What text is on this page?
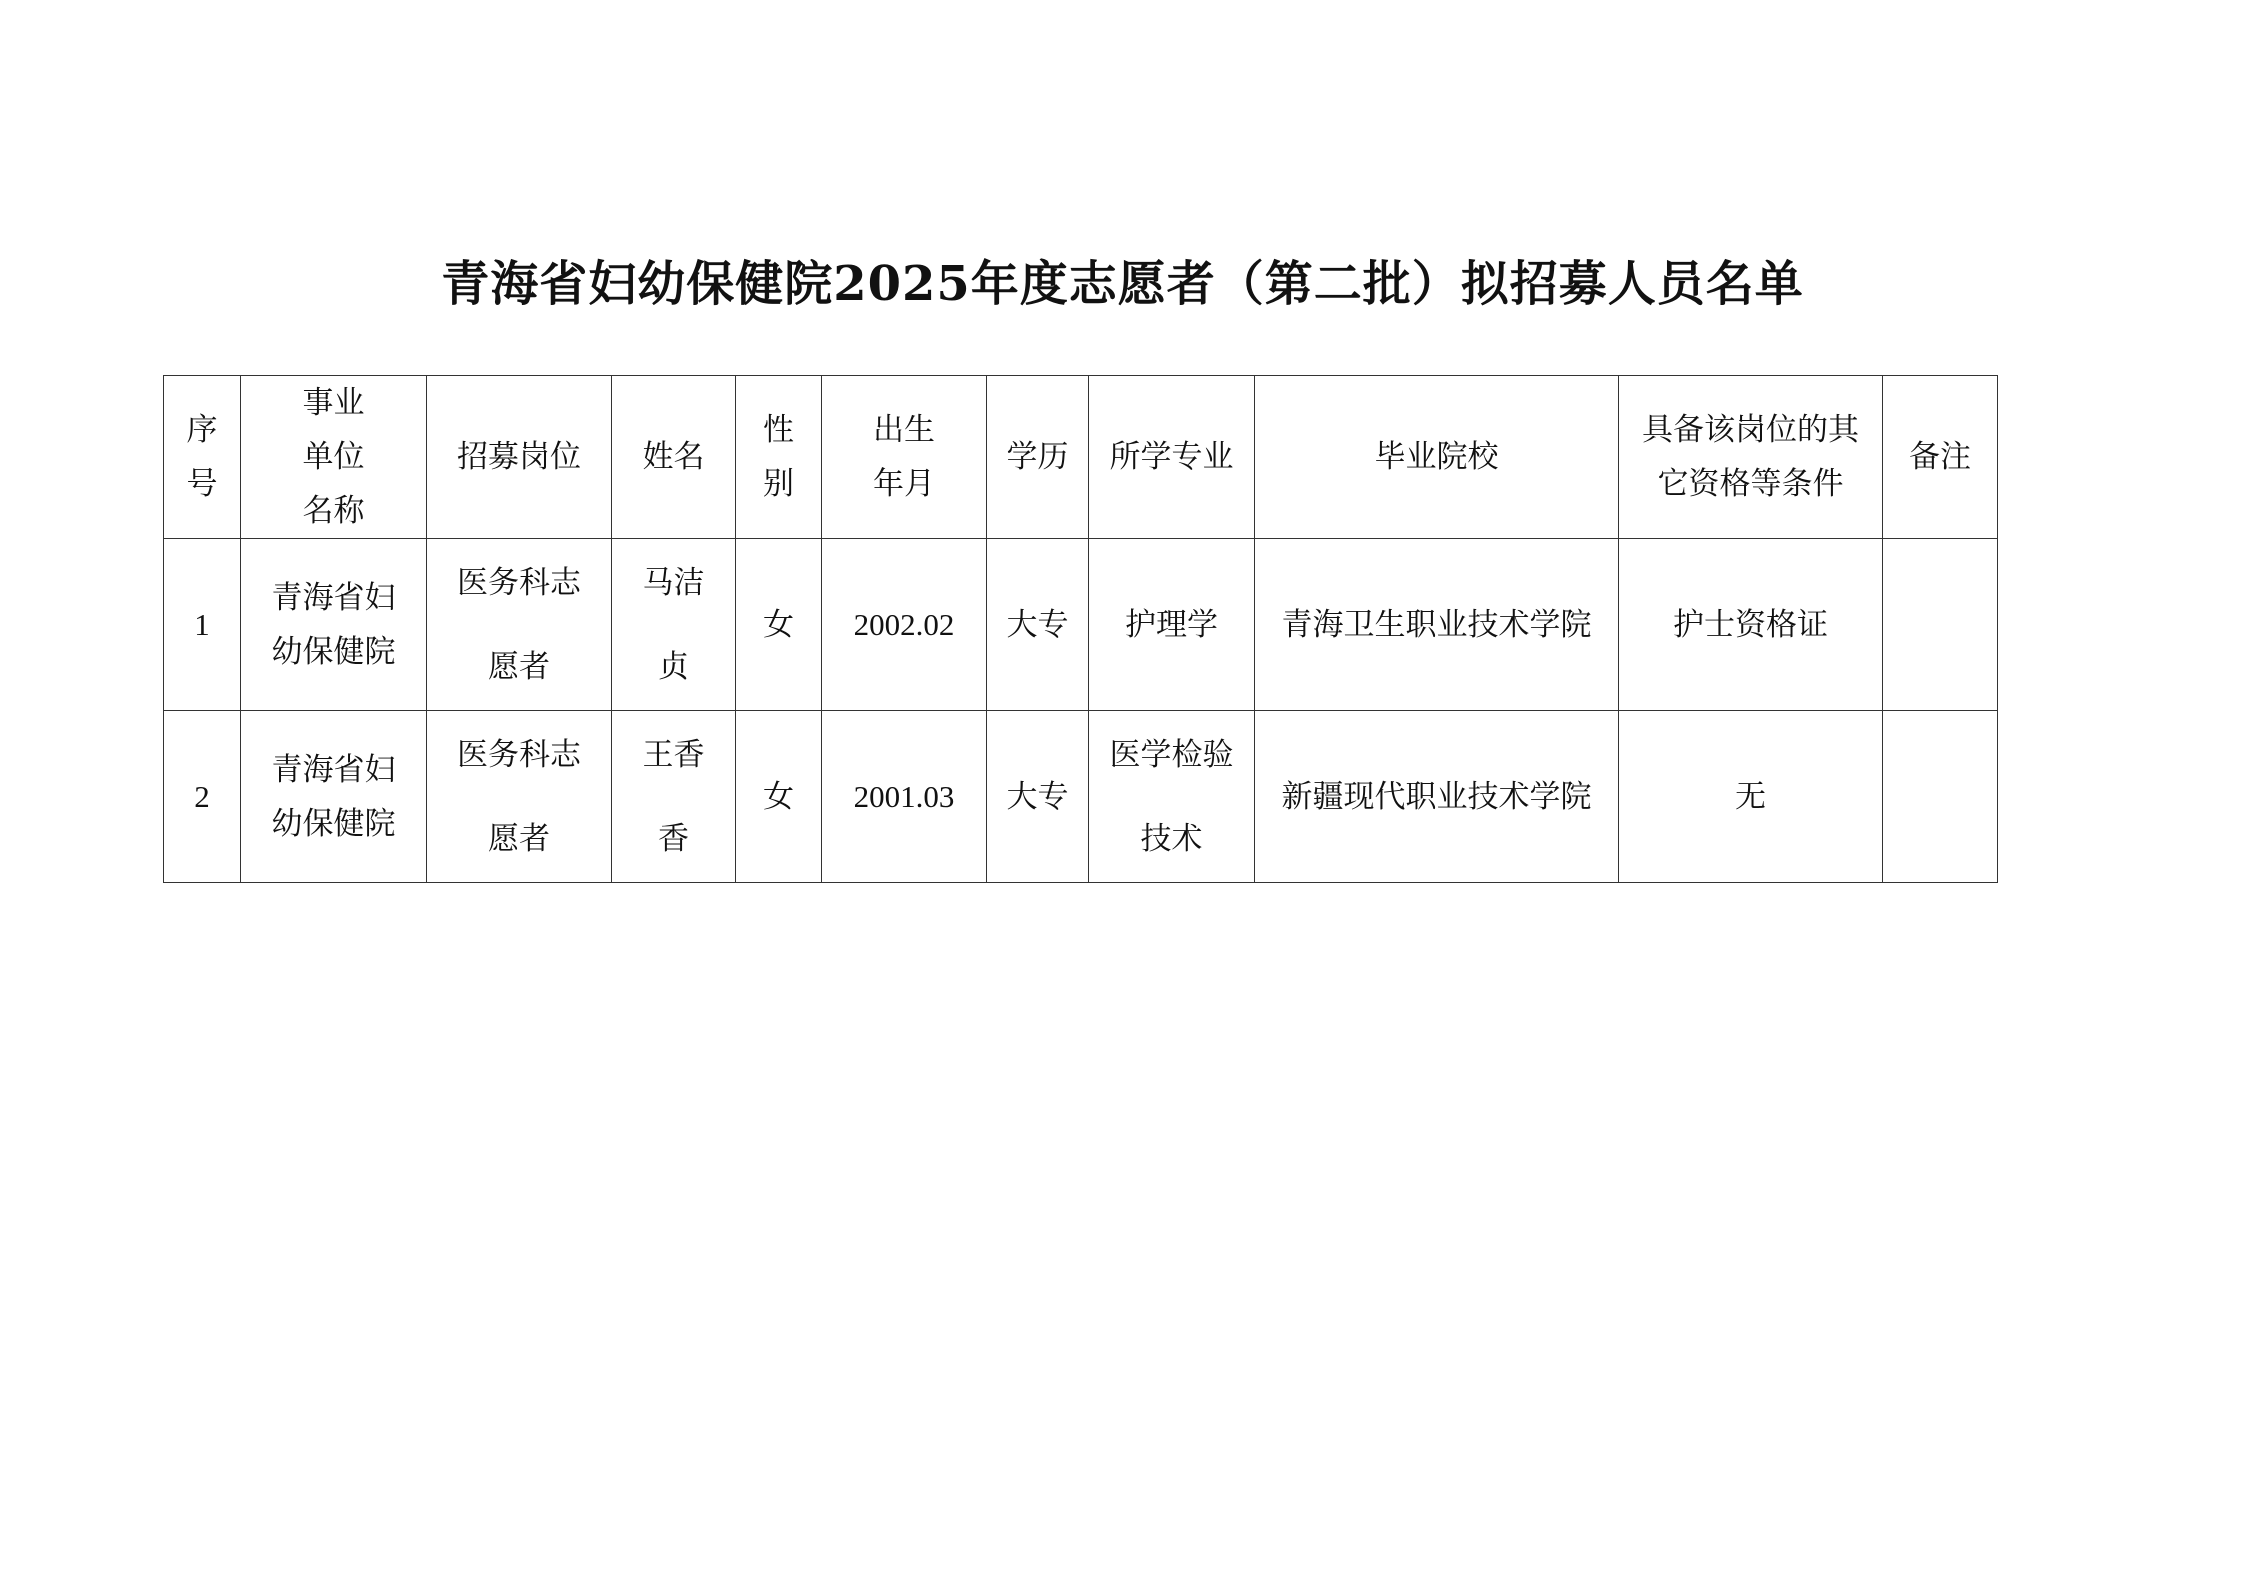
青海省妇幼保健院2025年度志愿者（第二批）拟招募人员名单
序
号	事业
单位
名称	招募岗位	姓名	性
别	出生
年月	学历	所学专业	毕业院校	具备该岗位的其
它资格等条件	备注
1	青海省妇
幼保健院	医务科志
愿者	马洁
贞	女	2002.02	大专	护理学	青海卫生职业技术学院	护士资格证	
2	青海省妇
幼保健院	医务科志
愿者	王香
香	女	2001.03	大专	医学检验
技术	新疆现代职业技术学院	无	
